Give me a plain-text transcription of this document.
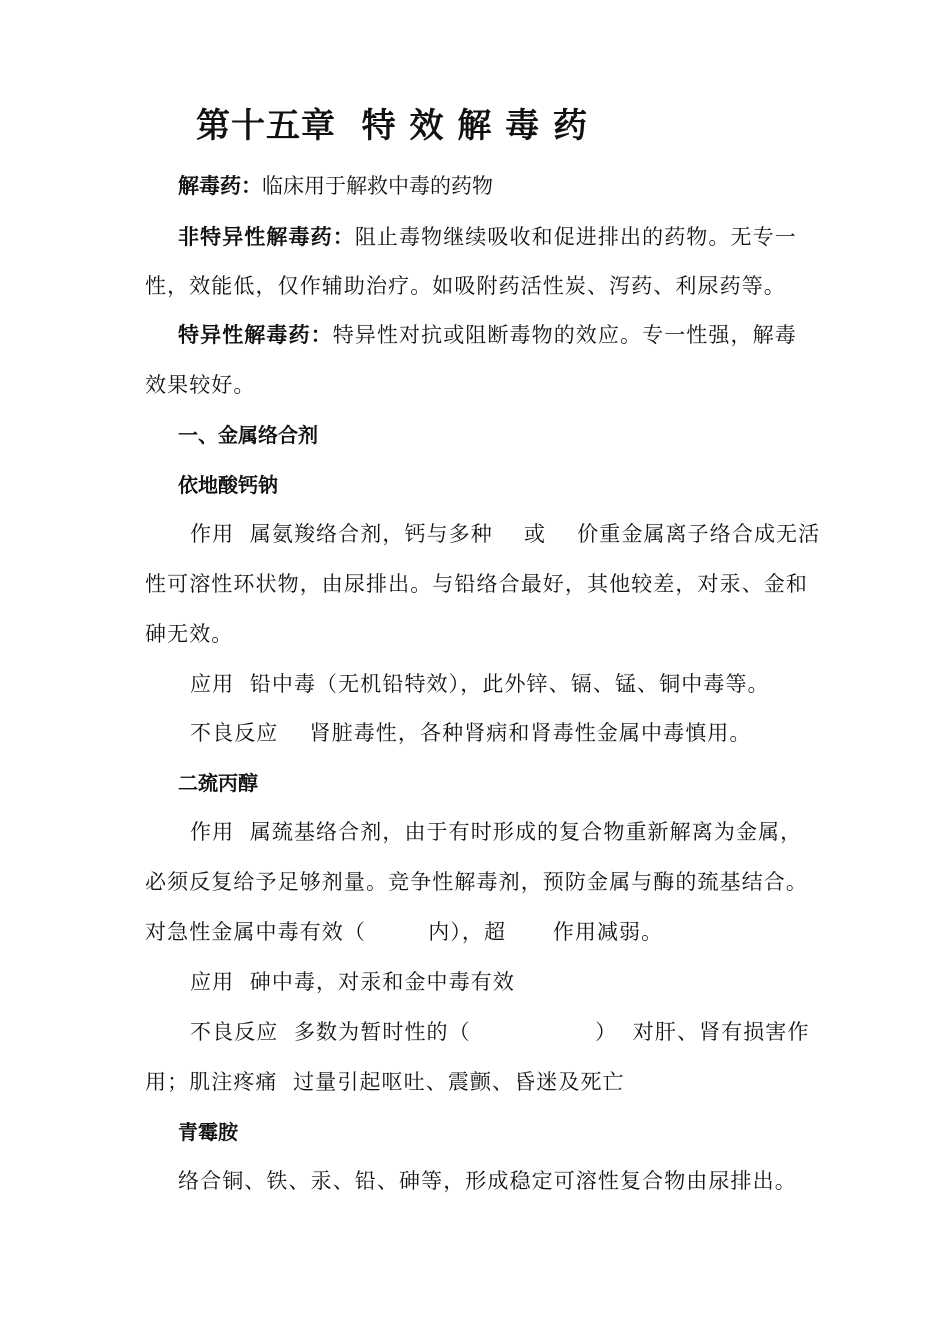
第十五章  特 效 解 毒 药
解毒药：临床用于解救中毒的药物
非特异性解毒药：阻止毒物继续吸收和促进排出的药物。无专一
性，效能低，仅作辅助治疗。如吸附药活性炭、泻药、利尿药等。
特异性解毒药：特异性对抗或阻断毒物的效应。专一性强，解毒
效果较好。
一、金属络合剂
依地酸钙钠
作用  属氨羧络合剂，钙与多种    或    价重金属离子络合成无活
性可溶性环状物，由尿排出。与铅络合最好，其他较差，对汞、金和
砷无效。
应用  铅中毒（无机铅特效），此外锌、镉、锰、铜中毒等。
不良反应    肾脏毒性，各种肾病和肾毒性金属中毒慎用。
二巯丙醇
作用  属巯基络合剂，由于有时形成的复合物重新解离为金属，
必须反复给予足够剂量。竞争性解毒剂，预防金属与酶的巯基结合。
对急性金属中毒有效（        内），超      作用减弱。
应用  砷中毒，对汞和金中毒有效
不良反应  多数为暂时性的（                ）  对肝、肾有损害作
用；肌注疼痛  过量引起呕吐、震颤、昏迷及死亡
青霉胺
络合铜、铁、汞、铅、砷等，形成稳定可溶性复合物由尿排出。
